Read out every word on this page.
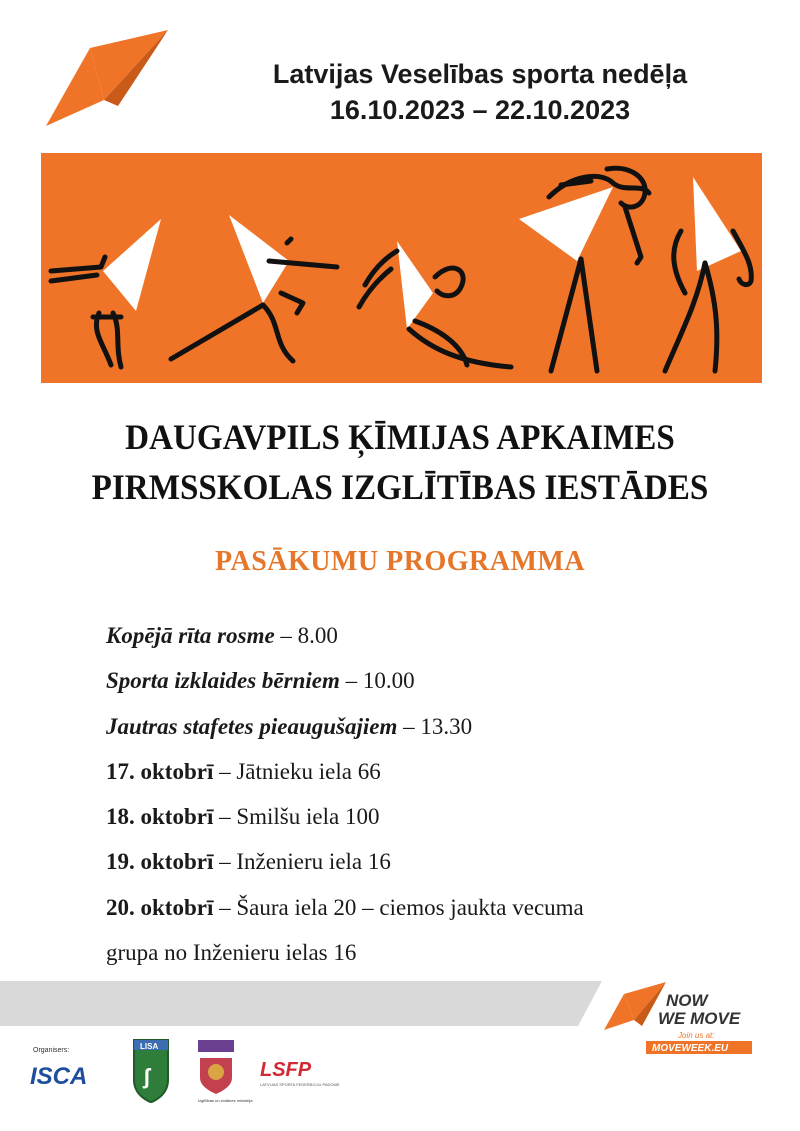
Latvijas Veselības sporta nedēļa
16.10.2023 – 22.10.2023
DAUGAVPILS ĶĪMIJAS APKAIMES
PIRMSSKOLAS IZGLĪTĪBAS IESTĀDES
PASĀKUMU PROGRAMMA
Kopējā rīta rosme – 8.00
Sporta izklaides bērniem – 10.00
Jautras stafetes pieaugušajiem – 13.30
17. oktobrī – Jātnieku iela 66
18. oktobrī – Smilšu iela 100
19. oktobrī – Inženieru iela 16
20. oktobrī – Šaura iela 20 – ciemos jaukta vecuma
grupa no Inženieru ielas 16
NOW
WE MOVE
Join us at:
MOVEWEEK.EU
Organisers:
ISCA
LISA
ʃ
Izglītības un zinātnes ministrija
LSFP
LATVIJAS SPORTA FEDERĀCIJU PADOME
